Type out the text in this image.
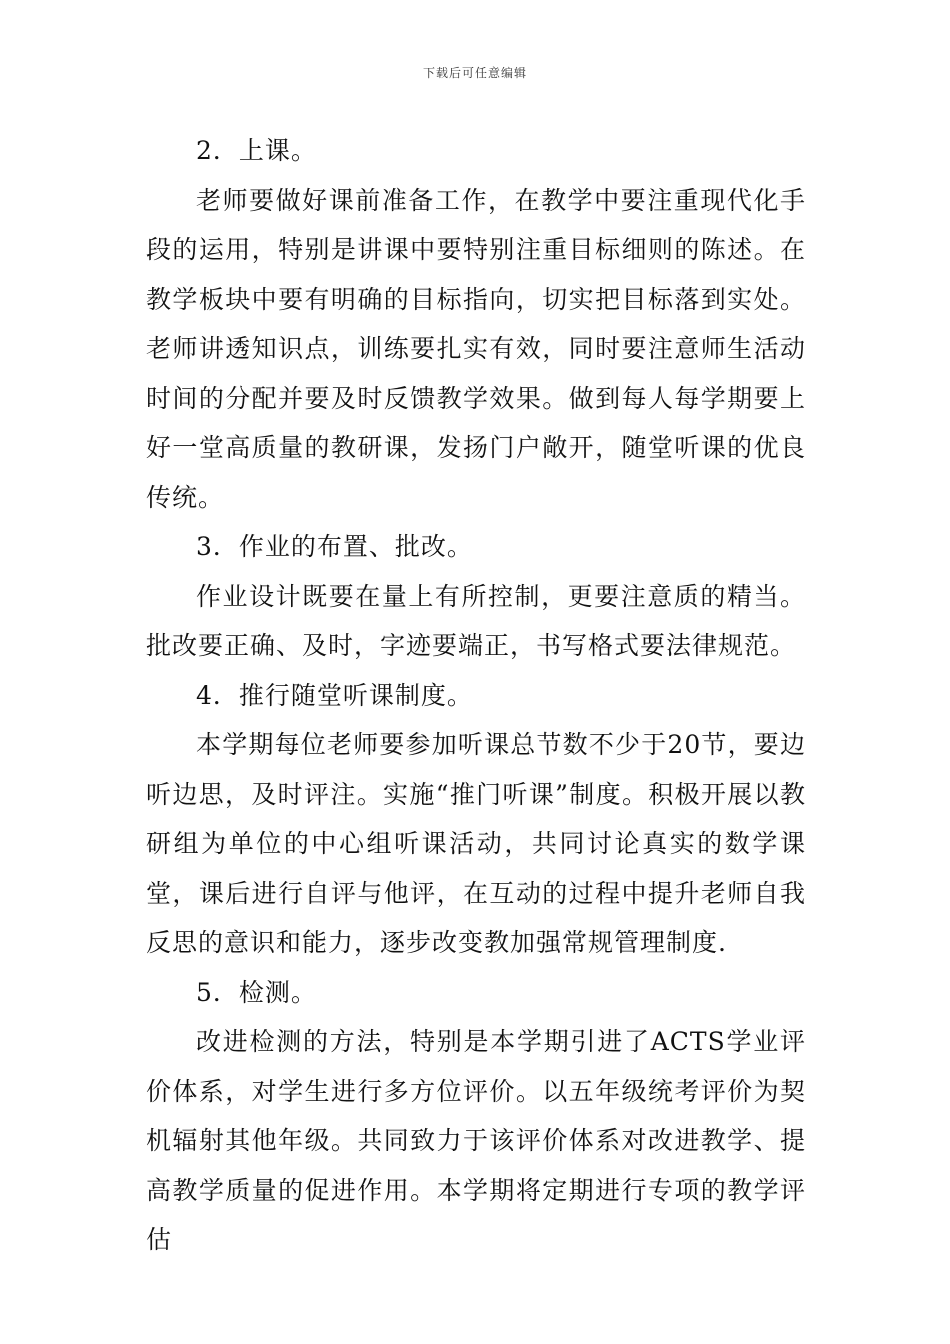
下载后可任意编辑

2．上课。

老师要做好课前准备工作，在教学中要注重现代化手段的运用，特别是讲课中要特别注重目标细则的陈述。在教学板块中要有明确的目标指向，切实把目标落到实处。老师讲透知识点，训练要扎实有效，同时要注意师生活动时间的分配并要及时反馈教学效果。做到每人每学期要上好一堂高质量的教研课，发扬门户敞开，随堂听课的优良传统。

3．作业的布置、批改。

作业设计既要在量上有所控制，更要注意质的精当。批改要正确、及时，字迹要端正，书写格式要法律规范。

4．推行随堂听课制度。

本学期每位老师要参加听课总节数不少于20节，要边听边思，及时评注。实施“推门听课”制度。积极开展以教研组为单位的中心组听课活动，共同讨论真实的数学课堂，课后进行自评与他评，在互动的过程中提升老师自我反思的意识和能力，逐步改变教加强常规管理制度.

5．检测。

改进检测的方法，特别是本学期引进了ACTS学业评价体系，对学生进行多方位评价。以五年级统考评价为契机辐射其他年级。共同致力于该评价体系对改进教学、提高教学质量的促进作用。本学期将定期进行专项的教学评估
